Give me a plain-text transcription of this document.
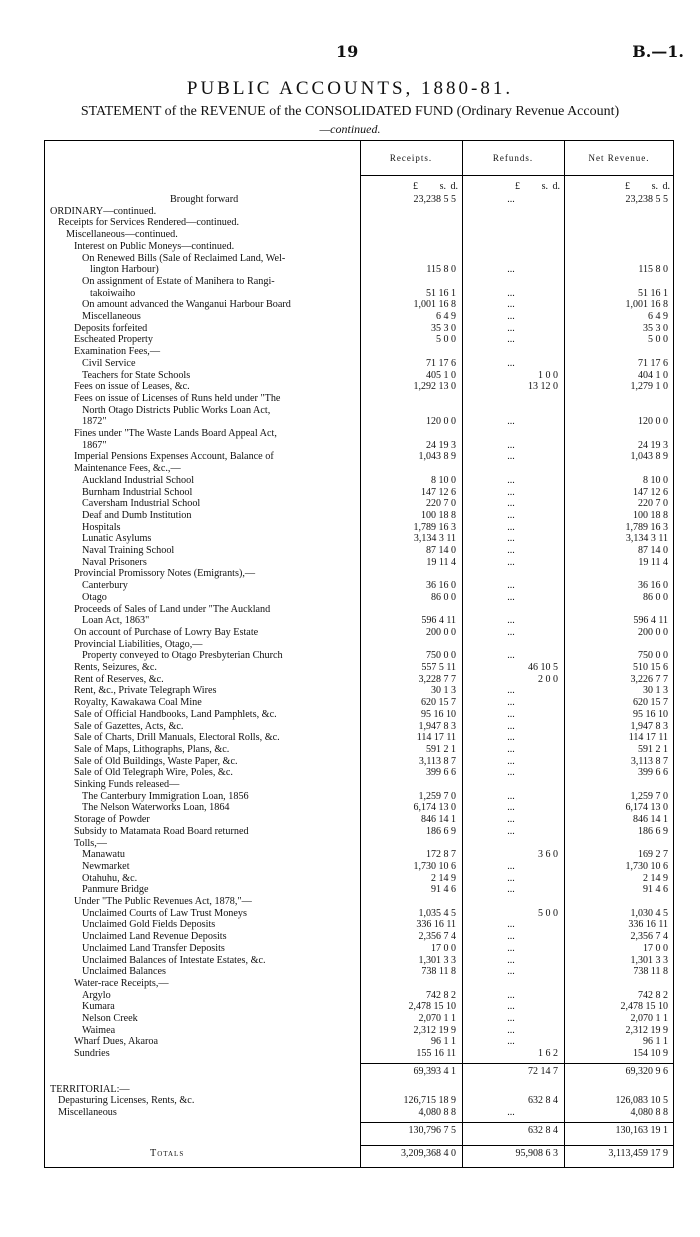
19	B.—1.
PUBLIC ACCOUNTS, 1880-81.
STATEMENT of the REVENUE of the CONSOLIDATED FUND (Ordinary Revenue Account)
—continued.
Receipts.	Refunds.	Net Revenue.
£	s. d.	£	s. d.	£	s. d.
Brought forward	23,238 5 5	...	23,238 5 5
ORDINARY—continued.
Receipts for Services Rendered—continued.
Miscellaneous—continued.
Interest on Public Moneys—continued.
On Renewed Bills (Sale of Reclaimed Land, Wel-
lington Harbour)	115 8 0	...	115 8 0
On assignment of Estate of Manihera to Rangi-
takoiwaiho	51 16 1	...	51 16 1
On amount advanced the Wanganui Harbour Board	1,001 16 8	...	1,001 16 8
Miscellaneous	6 4 9	...	6 4 9
Deposits forfeited	35 3 0	...	35 3 0
Escheated Property	5 0 0	...	5 0 0
Examination Fees,—
Civil Service	71 17 6	...	71 17 6
Teachers for State Schools	405 1 0	1 0 0	404 1 0
Fees on issue of Leases, &c.	1,292 13 0	13 12 0	1,279 1 0
Fees on issue of Licenses of Runs held under "The
North Otago Districts Public Works Loan Act,
1872"	120 0 0	...	120 0 0
Fines under "The Waste Lands Board Appeal Act,
1867"	24 19 3	...	24 19 3
Imperial Pensions Expenses Account, Balance of	1,043 8 9	...	1,043 8 9
Maintenance Fees, &c.,—
Auckland Industrial School	8 10 0	...	8 10 0
Burnham Industrial School	147 12 6	...	147 12 6
Caversham Industrial School	220 7 0	...	220 7 0
Deaf and Dumb Institution	100 18 8	...	100 18 8
Hospitals	1,789 16 3	...	1,789 16 3
Lunatic Asylums	3,134 3 11	...	3,134 3 11
Naval Training School	87 14 0	...	87 14 0
Naval Prisoners	19 11 4	...	19 11 4
Provincial Promissory Notes (Emigrants),—
Canterbury	36 16 0	...	36 16 0
Otago	86 0 0	...	86 0 0
Proceeds of Sales of Land under "The Auckland
Loan Act, 1863"	596 4 11	...	596 4 11
On account of Purchase of Lowry Bay Estate	200 0 0	...	200 0 0
Provincial Liabilities, Otago,—
Property conveyed to Otago Presbyterian Church	750 0 0	...	750 0 0
Rents, Seizures, &c.	557 5 11	46 10 5	510 15 6
Rent of Reserves, &c.	3,228 7 7	2 0 0	3,226 7 7
Rent, &c., Private Telegraph Wires	30 1 3	...	30 1 3
Royalty, Kawakawa Coal Mine	620 15 7	...	620 15 7
Sale of Official Handbooks, Land Pamphlets, &c.	95 16 10	...	95 16 10
Sale of Gazettes, Acts, &c.	1,947 8 3	...	1,947 8 3
Sale of Charts, Drill Manuals, Electoral Rolls, &c.	114 17 11	...	114 17 11
Sale of Maps, Lithographs, Plans, &c.	591 2 1	...	591 2 1
Sale of Old Buildings, Waste Paper, &c.	3,113 8 7	...	3,113 8 7
Sale of Old Telegraph Wire, Poles, &c.	399 6 6	...	399 6 6
Sinking Funds released—
The Canterbury Immigration Loan, 1856	1,259 7 0	...	1,259 7 0
The Nelson Waterworks Loan, 1864	6,174 13 0	...	6,174 13 0
Storage of Powder	846 14 1	...	846 14 1
Subsidy to Matamata Road Board returned	186 6 9	...	186 6 9
Tolls,—
Manawatu	172 8 7	3 6 0	169 2 7
Newmarket	1,730 10 6	...	1,730 10 6
Otahuhu, &c.	2 14 9	...	2 14 9
Panmure Bridge	91 4 6	...	91 4 6
Under "The Public Revenues Act, 1878,"—
Unclaimed Courts of Law Trust Moneys	1,035 4 5	5 0 0	1,030 4 5
Unclaimed Gold Fields Deposits	336 16 11	...	336 16 11
Unclaimed Land Revenue Deposits	2,356 7 4	...	2,356 7 4
Unclaimed Land Transfer Deposits	17 0 0	...	17 0 0
Unclaimed Balances of Intestate Estates, &c.	1,301 3 3	...	1,301 3 3
Unclaimed Balances	738 11 8	...	738 11 8
Water-race Receipts,—
Argylo	742 8 2	...	742 8 2
Kumara	2,478 15 10	...	2,478 15 10
Nelson Creek	2,070 1 1	...	2,070 1 1
Waimea	2,312 19 9	...	2,312 19 9
Wharf Dues, Akaroa	96 1 1	...	96 1 1
Sundries	155 16 11	1 6 2	154 10 9
69,393 4 1	72 14 7	69,320 9 6
TERRITORIAL:—
Depasturing Licenses, Rents, &c.	126,715 18 9	632 8 4	126,083 10 5
Miscellaneous	4,080 8 8	...	4,080 8 8
130,796 7 5	632 8 4	130,163 19 1
Totals	3,209,368 4 0	95,908 6 3	3,113,459 17 9
